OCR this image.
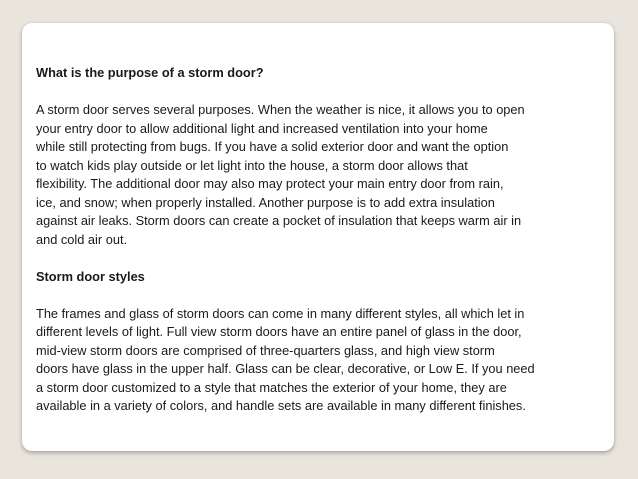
What is the purpose of a storm door?

A storm door serves several purposes. When the weather is nice, it allows you to open
your entry door to allow additional light and increased ventilation into your home
while still protecting from bugs. If you have a solid exterior door and want the option
to watch kids play outside or let light into the house, a storm door allows that
flexibility. The additional door may also may protect your main entry door from rain,
ice, and snow; when properly installed. Another purpose is to add extra insulation
against air leaks. Storm doors can create a pocket of insulation that keeps warm air in
and cold air out.

Storm door styles

The frames and glass of storm doors can come in many different styles, all which let in
different levels of light. Full view storm doors have an entire panel of glass in the door,
mid-view storm doors are comprised of three-quarters glass, and high view storm
doors have glass in the upper half. Glass can be clear, decorative, or Low E. If you need
a storm door customized to a style that matches the exterior of your home, they are
available in a variety of colors, and handle sets are available in many different finishes.
